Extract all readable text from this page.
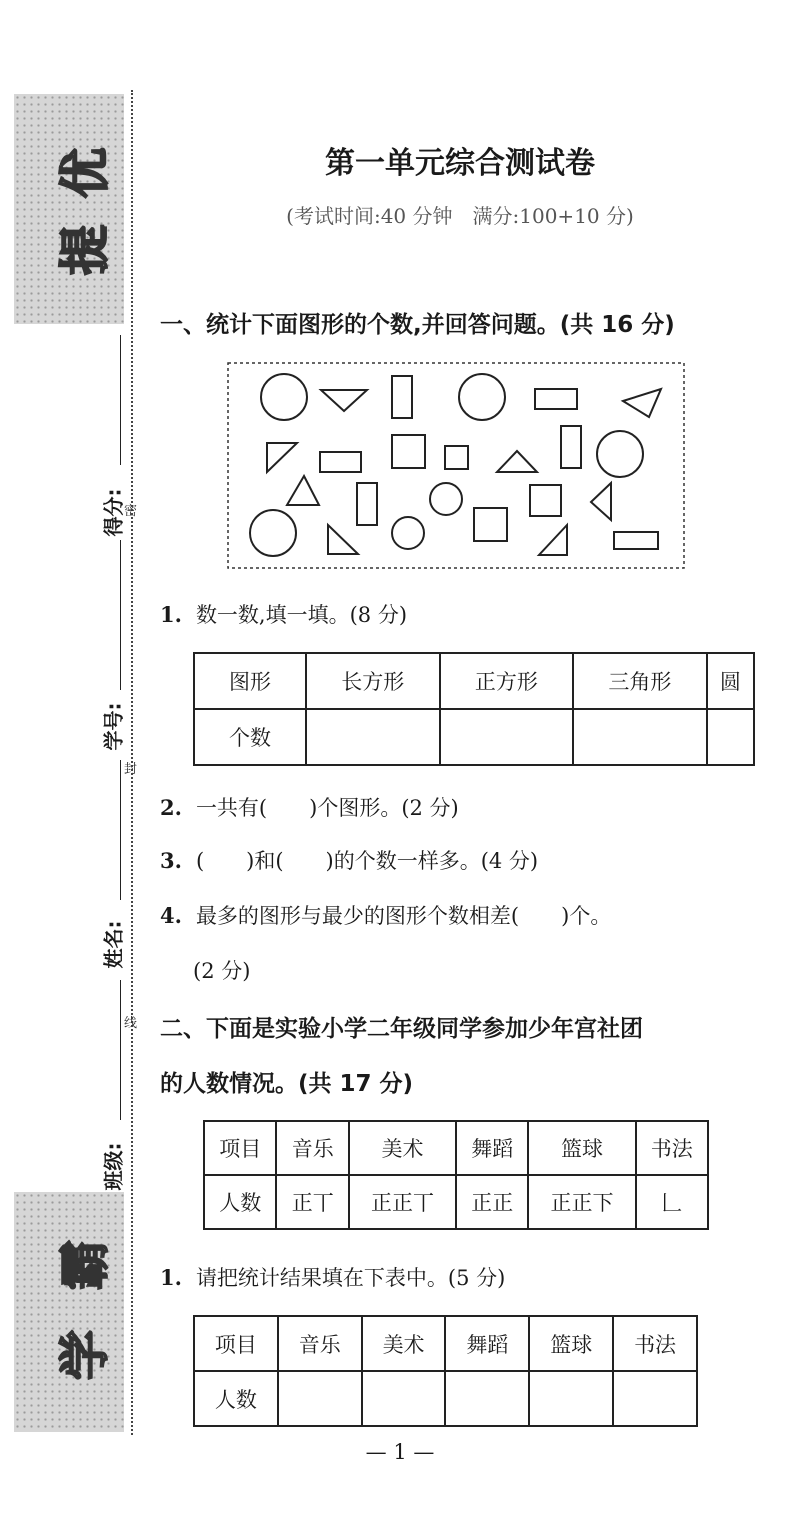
提
优
学
霸
得分:
学号:
姓名:
班级:
密
封
线
第一单元综合测试卷
(考试时间:40 分钟　满分:100+10 分)
一、统计下面图形的个数,并回答问题。(共 16 分)
1. 数一数,填一填。(8 分)
图形	长方形	正方形	三角形	圆
个数				
2. 一共有(　　)个图形。(2 分)
3. (　　)和(　　)的个数一样多。(4 分)
4. 最多的图形与最少的图形个数相差(　　)个。
(2 分)
二、下面是实验小学二年级同学参加少年宫社团
的人数情况。(共 17 分)
项目	音乐	美术	舞蹈	篮球	书法
人数	正丅	正正丅	正正	正正下	𠃊
1. 请把统计结果填在下表中。(5 分)
项目	音乐	美术	舞蹈	篮球	书法
人数					
— 1 —
